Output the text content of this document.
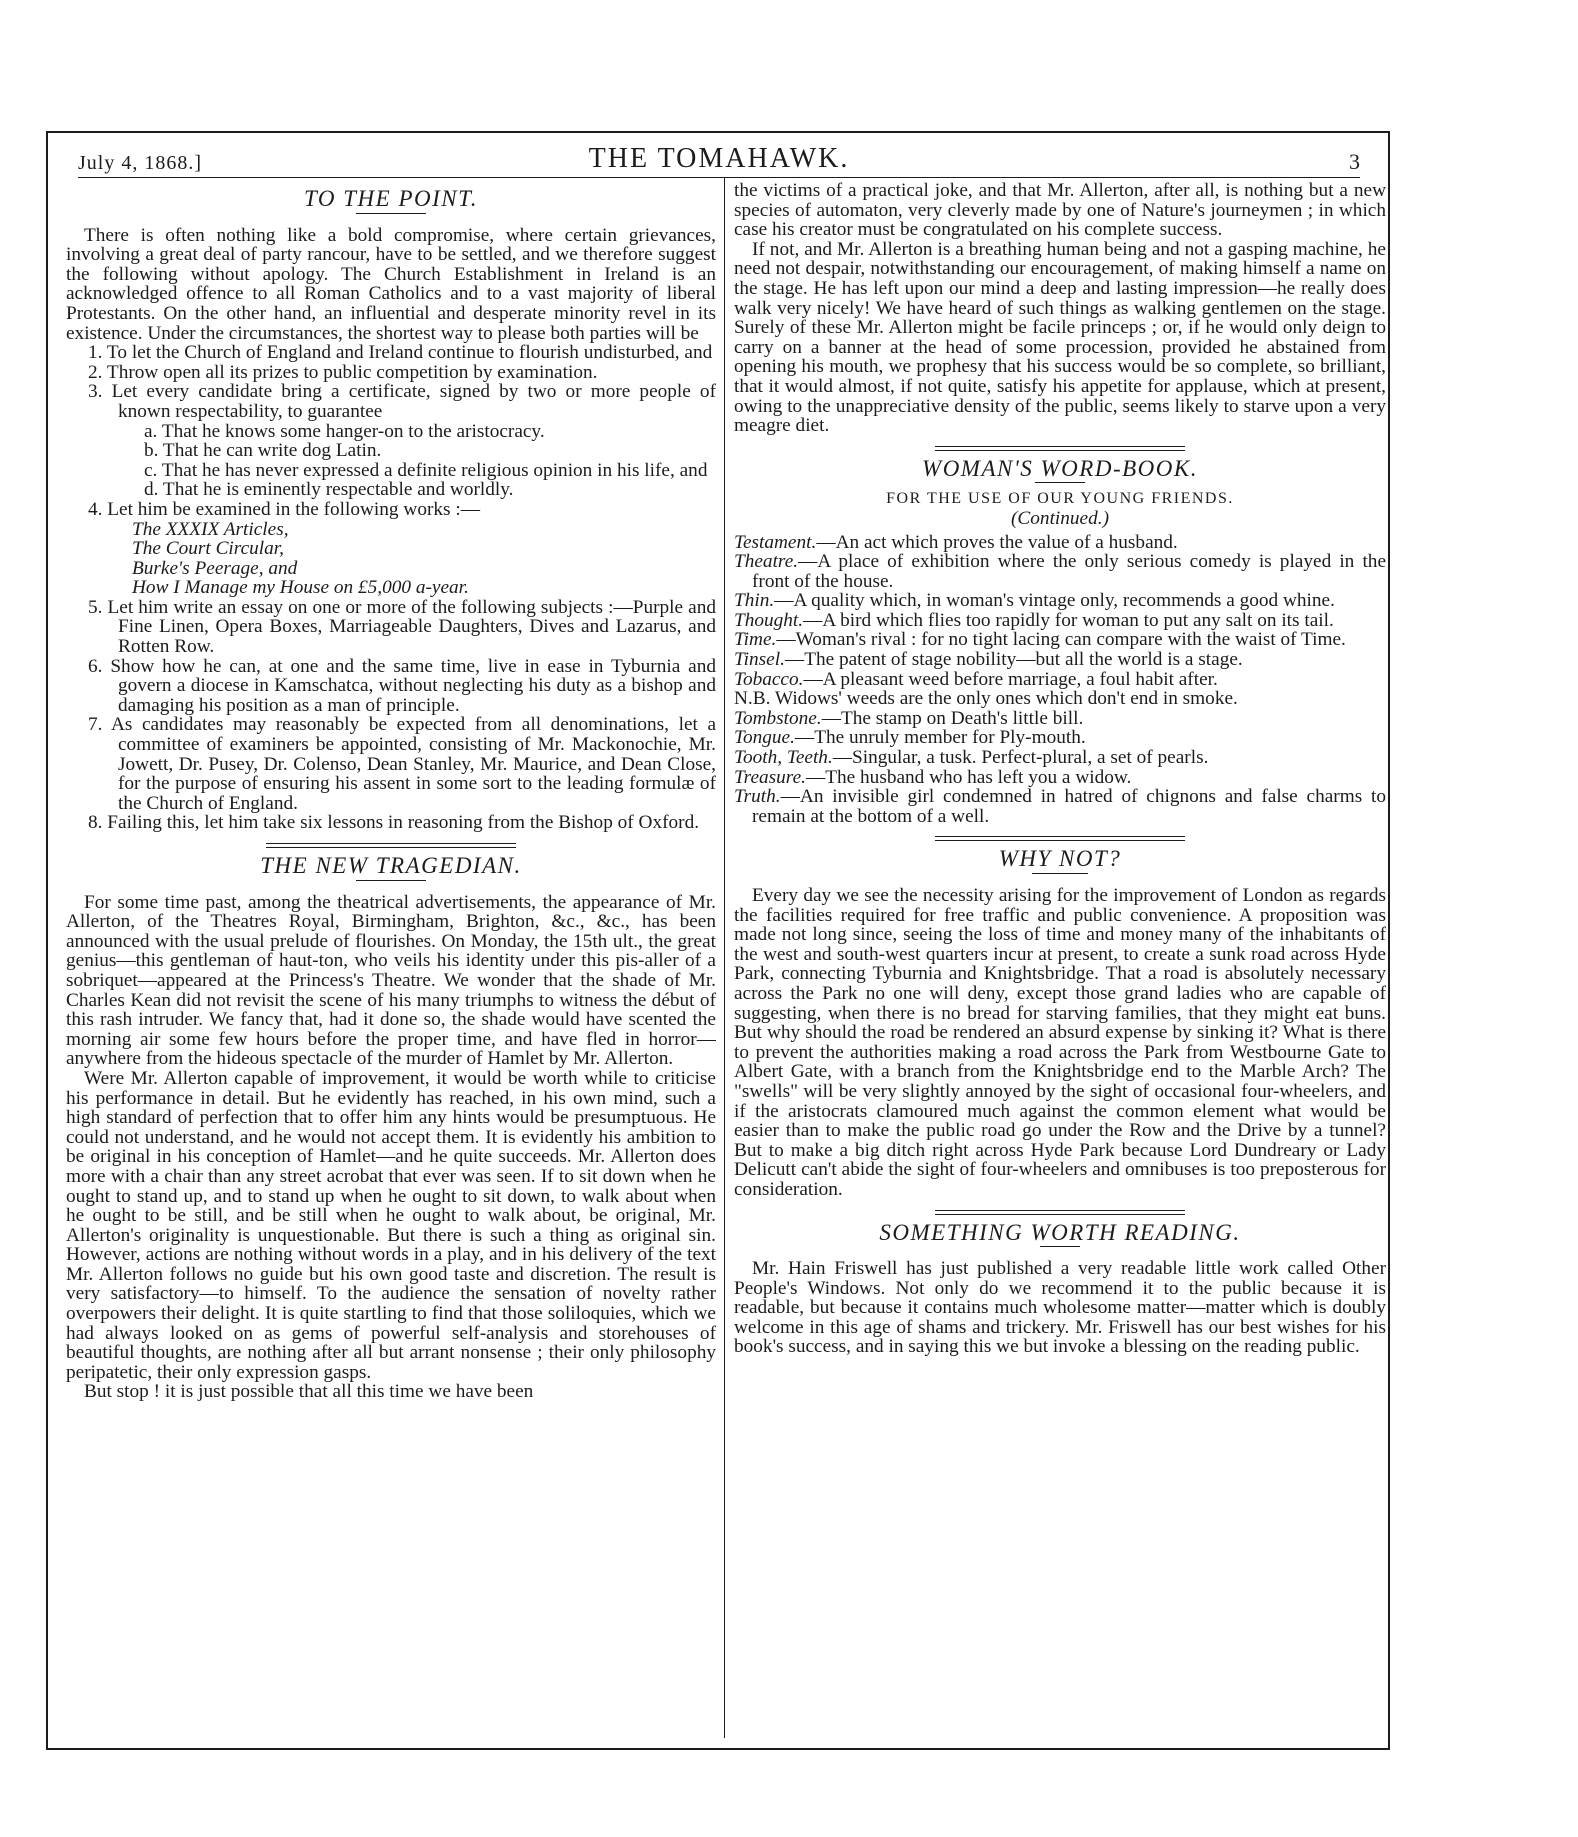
July 4, 1868.]	THE TOMAHAWK.	3
TO THE POINT.

There is often nothing like a bold compromise, where certain grievances, involving a great deal of party rancour, have to be settled, and we therefore suggest the following without apology. The Church Establishment in Ireland is an acknowledged offence to all Roman Catholics and to a vast majority of liberal Protestants. On the other hand, an influential and desperate minority revel in its existence. Under the circumstances, the shortest way to please both parties will be

1. To let the Church of England and Ireland continue to flourish undisturbed, and
2. Throw open all its prizes to public competition by examination.
3. Let every candidate bring a certificate, signed by two or more people of known respectability, to guarantee
a. That he knows some hanger-on to the aristocracy.
b. That he can write dog Latin.
c. That he has never expressed a definite religious opinion in his life, and
d. That he is eminently respectable and worldly.
4. Let him be examined in the following works :—
The XXXIX Articles,
The Court Circular,
Burke's Peerage, and
How I Manage my House on £5,000 a-year.
5. Let him write an essay on one or more of the following subjects :—Purple and Fine Linen, Opera Boxes, Marriageable Daughters, Dives and Lazarus, and Rotten Row.
6. Show how he can, at one and the same time, live in ease in Tyburnia and govern a diocese in Kamschatca, without neglecting his duty as a bishop and damaging his position as a man of principle.
7. As candidates may reasonably be expected from all denominations, let a committee of examiners be appointed, consisting of Mr. Mackonochie, Mr. Jowett, Dr. Pusey, Dr. Colenso, Dean Stanley, Mr. Maurice, and Dean Close, for the purpose of ensuring his assent in some sort to the leading formulæ of the Church of England.
8. Failing this, let him take six lessons in reasoning from the Bishop of Oxford.
THE NEW TRAGEDIAN.

For some time past, among the theatrical advertisements, the appearance of Mr. Allerton, of the Theatres Royal, Birmingham, Brighton, &c., &c., has been announced with the usual prelude of flourishes. On Monday, the 15th ult., the great genius—this gentleman of haut-ton, who veils his identity under this pis-aller of a sobriquet—appeared at the Princess's Theatre. We wonder that the shade of Mr. Charles Kean did not revisit the scene of his many triumphs to witness the début of this rash intruder. We fancy that, had it done so, the shade would have scented the morning air some few hours before the proper time, and have fled in horror—anywhere from the hideous spectacle of the murder of Hamlet by Mr. Allerton.

Were Mr. Allerton capable of improvement, it would be worth while to criticise his performance in detail. But he evidently has reached, in his own mind, such a high standard of perfection that to offer him any hints would be presumptuous. He could not understand, and he would not accept them. It is evidently his ambition to be original in his conception of Hamlet—and he quite succeeds. Mr. Allerton does more with a chair than any street acrobat that ever was seen. If to sit down when he ought to stand up, and to stand up when he ought to sit down, to walk about when he ought to be still, and be still when he ought to walk about, be original, Mr. Allerton's originality is unquestionable. But there is such a thing as original sin. However, actions are nothing without words in a play, and in his delivery of the text Mr. Allerton follows no guide but his own good taste and discretion. The result is very satisfactory—to himself. To the audience the sensation of novelty rather overpowers their delight. It is quite startling to find that those soliloquies, which we had always looked on as gems of powerful self-analysis and storehouses of beautiful thoughts, are nothing after all but arrant nonsense ; their only philosophy peripatetic, their only expression gasps.

But stop ! it is just possible that all this time we have been

the victims of a practical joke, and that Mr. Allerton, after all, is nothing but a new species of automaton, very cleverly made by one of Nature's journeymen ; in which case his creator must be congratulated on his complete success.

If not, and Mr. Allerton is a breathing human being and not a gasping machine, he need not despair, notwithstanding our encouragement, of making himself a name on the stage. He has left upon our mind a deep and lasting impression—he really does walk very nicely! We have heard of such things as walking gentlemen on the stage. Surely of these Mr. Allerton might be facile princeps ; or, if he would only deign to carry on a banner at the head of some procession, provided he abstained from opening his mouth, we prophesy that his success would be so complete, so brilliant, that it would almost, if not quite, satisfy his appetite for applause, which at present, owing to the unappreciative density of the public, seems likely to starve upon a very meagre diet.

WOMAN'S WORD-BOOK.
FOR THE USE OF OUR YOUNG FRIENDS.
(Continued.)
Testament.—An act which proves the value of a husband.
Theatre.—A place of exhibition where the only serious comedy is played in the front of the house.
Thin.—A quality which, in woman's vintage only, recommends a good whine.
Thought.—A bird which flies too rapidly for woman to put any salt on its tail.
Time.—Woman's rival : for no tight lacing can compare with the waist of Time.
Tinsel.—The patent of stage nobility—but all the world is a stage.
Tobacco.—A pleasant weed before marriage, a foul habit after.
N.B. Widows' weeds are the only ones which don't end in smoke.
Tombstone.—The stamp on Death's little bill.
Tongue.—The unruly member for Ply-mouth.
Tooth, Teeth.—Singular, a tusk. Perfect-plural, a set of pearls.
Treasure.—The husband who has left you a widow.
Truth.—An invisible girl condemned in hatred of chignons and false charms to remain at the bottom of a well.
WHY NOT?

Every day we see the necessity arising for the improvement of London as regards the facilities required for free traffic and public convenience. A proposition was made not long since, seeing the loss of time and money many of the inhabitants of the west and south-west quarters incur at present, to create a sunk road across Hyde Park, connecting Tyburnia and Knightsbridge. That a road is absolutely necessary across the Park no one will deny, except those grand ladies who are capable of suggesting, when there is no bread for starving families, that they might eat buns. But why should the road be rendered an absurd expense by sinking it? What is there to prevent the authorities making a road across the Park from Westbourne Gate to Albert Gate, with a branch from the Knightsbridge end to the Marble Arch? The "swells" will be very slightly annoyed by the sight of occasional four-wheelers, and if the aristocrats clamoured much against the common element what would be easier than to make the public road go under the Row and the Drive by a tunnel? But to make a big ditch right across Hyde Park because Lord Dundreary or Lady Delicutt can't abide the sight of four-wheelers and omnibuses is too preposterous for consideration.

SOMETHING WORTH READING.

Mr. Hain Friswell has just published a very readable little work called Other People's Windows. Not only do we recommend it to the public because it is readable, but because it contains much wholesome matter—matter which is doubly welcome in this age of shams and trickery. Mr. Friswell has our best wishes for his book's success, and in saying this we but invoke a blessing on the reading public.
